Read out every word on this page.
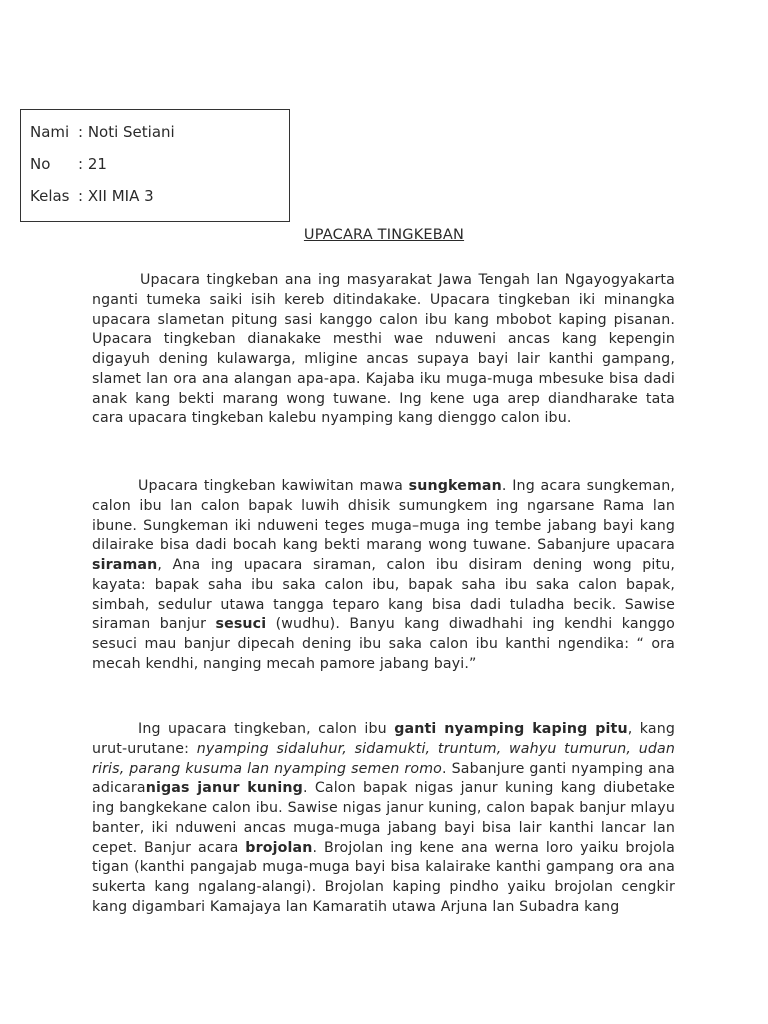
Nami : Noti Setiani
No : 21
Kelas : XII MIA 3
UPACARA TINGKEBAN
Upacara tingkeban ana ing masyarakat Jawa Tengah lan Ngayogyakarta nganti tumeka saiki isih kereb ditindakake. Upacara tingkeban iki minangka upacara slametan pitung sasi kanggo calon ibu kang mbobot kaping pisanan. Upacara tingkeban dianakake mesthi wae nduweni ancas kang kepengin digayuh dening kulawarga, mligine ancas supaya bayi lair kanthi gampang, slamet lan ora ana alangan apa-apa. Kajaba iku muga-muga mbesuke bisa dadi anak kang bekti marang wong tuwane. Ing kene uga arep diandharake tata cara upacara tingkeban kalebu nyamping kang dienggo calon ibu.
Upacara tingkeban kawiwitan mawa sungkeman. Ing acara sungkeman, calon ibu lan calon bapak luwih dhisik sumungkem ing ngarsane Rama lan ibune. Sungkeman iki nduweni teges muga–muga ing tembe jabang bayi kang dilairake bisa dadi bocah kang bekti marang wong tuwane. Sabanjure upacara siraman, Ana ing upacara siraman, calon ibu disiram dening wong pitu, kayata: bapak saha ibu saka calon ibu, bapak saha ibu saka calon bapak, simbah, sedulur utawa tangga teparo kang bisa dadi tuladha becik. Sawise siraman banjur sesuci (wudhu). Banyu kang diwadhahi ing kendhi kanggo sesuci mau banjur dipecah dening ibu saka calon ibu kanthi ngendika: “ ora mecah kendhi, nanging mecah pamore jabang bayi.”
Ing upacara tingkeban, calon ibu ganti nyamping kaping pitu, kang urut-urutane: nyamping sidaluhur, sidamukti, truntum, wahyu tumurun, udan riris, parang kusuma lan nyamping semen romo. Sabanjure ganti nyamping ana adicaranigas janur kuning. Calon bapak nigas janur kuning kang diubetake ing bangkekane calon ibu. Sawise nigas janur kuning, calon bapak banjur mlayu banter, iki nduweni ancas muga-muga jabang bayi bisa lair kanthi lancar lan cepet. Banjur acara brojolan. Brojolan ing kene ana werna loro yaiku brojola tigan (kanthi pangajab muga-muga bayi bisa kalairake kanthi gampang ora ana sukerta kang ngalang-alangi). Brojolan kaping pindho yaiku brojolan cengkir kang digambari Kamajaya lan Kamaratih utawa Arjuna lan Subadra kang
